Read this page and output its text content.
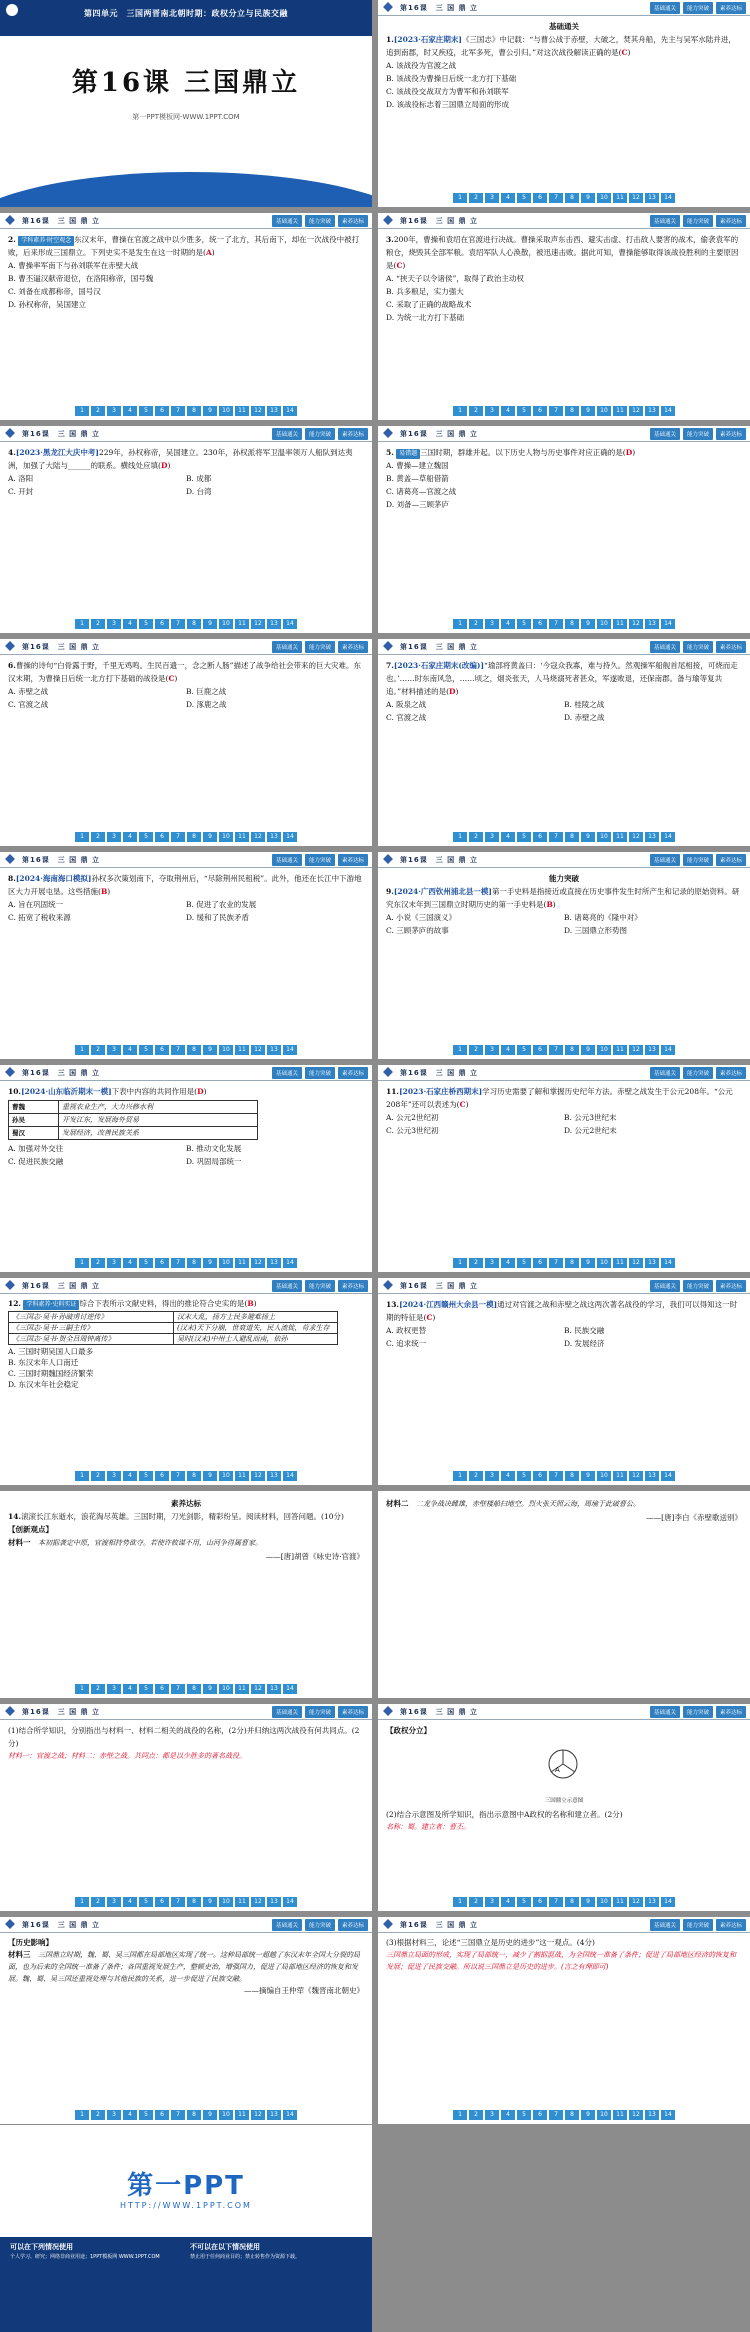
第四单元　三国两晋南北朝时期：政权分立与民族交融
第16课 三国鼎立
第一PPT模板网-WWW.1PPT.COM
第16课　三 国 鼎 立	基础通关	能力突破	素养达标
基础通关
1.[2023·石家庄期末]《三国志》中记载：“与曹公战于赤壁，大破之，焚其舟船，先主与吴军水陆并进，追到南郡，时又疾疫，北军多死，曹公引归。”对这次战役解读正确的是(C)
A. 该战役为官渡之战
B. 该战役为曹操日后统一北方打下基础
C. 该战役交战双方为曹军和孙刘联军
D. 该战役标志着三国鼎立局面的形成
1	2	3	4	5	6	7	8	9	10	11	12	13	14
第16课　三 国 鼎 立	基础通关	能力突破	素养达标
2. 学科素养·时空观念 东汉末年，曹操在官渡之战中以少胜多，统一了北方，其后南下，却在一次战役中被打败，后来形成三国鼎立。下列史实不是发生在这一时期的是(A)
A. 曹操率军南下与孙刘联军在赤壁大战
B. 曹丕逼汉献帝退位，在洛阳称帝，国号魏
C. 刘备在成都称帝，国号汉
D. 孙权称帝，吴国建立
1	2	3	4	5	6	7	8	9	10	11	12	13	14
第16课　三 国 鼎 立	基础通关	能力突破	素养达标
3.200年，曹操和袁绍在官渡进行决战。曹操采取声东击西、避实击虚、打击敌人要害的战术，偷袭袁军的粮仓，烧毁其全部军粮。袁绍军队人心涣散，被迅速击败。据此可知，曹操能够取得该战役胜利的主要原因是(C)
A. “挟天子以令诸侯”，取得了政治主动权
B. 兵多粮足，实力强大
C. 采取了正确的战略战术
D. 为统一北方打下基础
1	2	3	4	5	6	7	8	9	10	11	12	13	14
第16课　三 国 鼎 立	基础通关	能力突破	素养达标
4.[2023·黑龙江大庆中考]229年，孙权称帝，吴国建立。230年，孙权派将军卫温率领万人船队到达夷洲，加强了大陆与______的联系。横线处应填(D)
A. 洛阳	B. 成都
C. 开封	D. 台湾
1	2	3	4	5	6	7	8	9	10	11	12	13	14
第16课　三 国 鼎 立	基础通关	能力突破	素养达标
5. 易错题 三国时期，群雄并起。以下历史人物与历史事件对应正确的是(D)
A. 曹操—建立魏国
B. 黄盖—草船借箭
C. 诸葛亮—官渡之战
D. 刘备—三顾茅庐
1	2	3	4	5	6	7	8	9	10	11	12	13	14
第16课　三 国 鼎 立	基础通关	能力突破	素养达标
6.曹操的诗句“白骨露于野，千里无鸡鸣。生民百遗一，念之断人肠”描述了战争给社会带来的巨大灾难。东汉末期，为曹操日后统一北方打下基础的战役是(C)
A. 赤壁之战	B. 巨鹿之战
C. 官渡之战	D. 涿鹿之战
1	2	3	4	5	6	7	8	9	10	11	12	13	14
第16课　三 国 鼎 立	基础通关	能力突破	素养达标
7.[2023·石家庄期末(改编)]“瑜部将黄盖曰：‘今寇众我寡，难与持久。然观操军船舰首尾相接，可烧而走也。’……时东南风急，……顷之，烟炎张天，人马烧溺死者甚众，军遂败退，还保南郡。备与瑜等复共追。”材料描述的是(D)
A. 阪泉之战	B. 桂陵之战
C. 官渡之战	D. 赤壁之战
1	2	3	4	5	6	7	8	9	10	11	12	13	14
第16课　三 国 鼎 立	基础通关	能力突破	素养达标
8.[2024·海南海口模拟]孙权多次策划南下，夺取荆州后，“尽除荆州民租税”。此外，他还在长江中下游地区大力开展屯垦。这些措施(B)
A. 旨在巩固统一	B. 促进了农业的发展
C. 拓宽了税收来源	D. 缓和了民族矛盾
1	2	3	4	5	6	7	8	9	10	11	12	13	14
第16课　三 国 鼎 立	基础通关	能力突破	素养达标
能力突破
9.[2024·广西钦州浦北县一模]第一手史料是指接近或直接在历史事件发生时所产生和记录的原始资料。研究东汉末年到三国鼎立时期历史的第一手史料是(B)
A. 小说《三国演义》	B. 诸葛亮的《隆中对》
C. 三顾茅庐的故事	D. 三国鼎立形势图
1	2	3	4	5	6	7	8	9	10	11	12	13	14
第16课　三 国 鼎 立	基础通关	能力突破	素养达标
10.[2024·山东临沂期末一模]下表中内容的共同作用是(D)
曹魏	重视农业生产，大力兴修水利
孙吴	开发江东，发展海外贸易
蜀汉	发展经济，改善民族关系
A. 加强对外交往	B. 推动文化发展
C. 促进民族交融	D. 巩固局部统一
1	2	3	4	5	6	7	8	9	10	11	12	13	14
第16课　三 国 鼎 立	基础通关	能力突破	素养达标
11.[2023·石家庄桥西期末]学习历史需要了解和掌握历史纪年方法。赤壁之战发生于公元208年。“公元208年”还可以表述为(C)
A. 公元2世纪初	B. 公元3世纪末
C. 公元3世纪初	D. 公元2世纪末
1	2	3	4	5	6	7	8	9	10	11	12	13	14
第16课　三 国 鼎 立	基础通关	能力突破	素养达标
12. 学科素养·史料实证 综合下表所示文献史料，得出的推论符合史实的是(B)
《三国志·吴书·孙破虏讨逆传》	汉末大乱，扬方士民多避难扬土
《三国志·吴书·三嗣主传》	(汉末)天下分崩，世衰道失，民人流徙，苟求生存
《三国志·吴书·贺全吕周钟离传》	吴时(汉末)中州士人避乱而南，依孙
A. 三国时期吴国人口最多
B. 东汉末年人口南迁
C. 三国时期魏国经济繁荣
D. 东汉末年社会稳定
1	2	3	4	5	6	7	8	9	10	11	12	13	14
第16课　三 国 鼎 立	基础通关	能力突破	素养达标
13.[2024·江西赣州大余县一模]通过对官渡之战和赤壁之战这两次著名战役的学习，我们可以得知这一时期的特征是(C)
A. 政权更替	B. 民族交融
C. 追求统一	D. 发展经济
1	2	3	4	5	6	7	8	9	10	11	12	13	14
素养达标
14.滚滚长江东逝水，浪花淘尽英雄。三国时期，刀光剑影，精彩纷呈。阅读材料，回答问题。(10分)
【创新观点】
材料一　 本初据袭定中原，官渡相持势欲夺。若使许攸谋不用，山河争得属曹家。
——[唐]胡曾《咏史诗·官渡》
1	2	3	4	5	6	7	8	9	10	11	12	13	14
材料二　 二龙争战决雌雄，赤壁楼船扫地空。烈火张天照云海，周瑜于此破曹公。
——[唐]李白《赤壁歌送别》
第16课　三 国 鼎 立	基础通关	能力突破	素养达标
(1)结合所学知识，分别指出与材料一、材料二相关的战役的名称，(2分)并归纳这两次战役有何共同点。(2分)
材料一：官渡之战；材料二：赤壁之战。共同点：都是以少胜多的著名战役。
1	2	3	4	5	6	7	8	9	10	11	12	13	14
第16课　三 国 鼎 立	基础通关	能力突破	素养达标
【政权分立】
A
三国鼎立示意图
(2)结合示意图及所学知识，指出示意图中A政权的名称和建立者。(2分)
名称：蜀。建立者：曹丕。
1	2	3	4	5	6	7	8	9	10	11	12	13	14
第16课　三 国 鼎 立	基础通关	能力突破	素养达标
【历史影响】
材料三　 三国鼎立时期，魏、蜀、吴三国都在局部地区实现了统一。这种局部统一超越了东汉末年全国大分裂的局面，也为后来的全国统一准备了条件；各国重视发展生产，整顿吏治，增强国力，促进了局部地区经济的恢复和发展。魏、蜀、吴三国还重视处理与其他民族的关系，进一步促进了民族交融。
——摘编自王仲荦《魏晋南北朝史》
1	2	3	4	5	6	7	8	9	10	11	12	13	14
第16课　三 国 鼎 立	基础通关	能力突破	素养达标
(3)根据材料三，论述“三国鼎立是历史的进步”这一观点。(4分)
三国鼎立局面的形成，实现了局部统一，减少了割据混战，为全国统一准备了条件；促进了局部地区经济的恢复和发展；促进了民族交融。所以说三国鼎立是历史的进步。(言之有理即可)
1	2	3	4	5	6	7	8	9	10	11	12	13	14
第一PPT
HTTP://WWW.1PPT.COM
可以在下列情况使用
个人学习、研究；网络非商业用途；1PPT模板网 WWW.1PPT.COM
不可以在以下情况使用
禁止用于任何商业目的；禁止转售作为资源下载。
